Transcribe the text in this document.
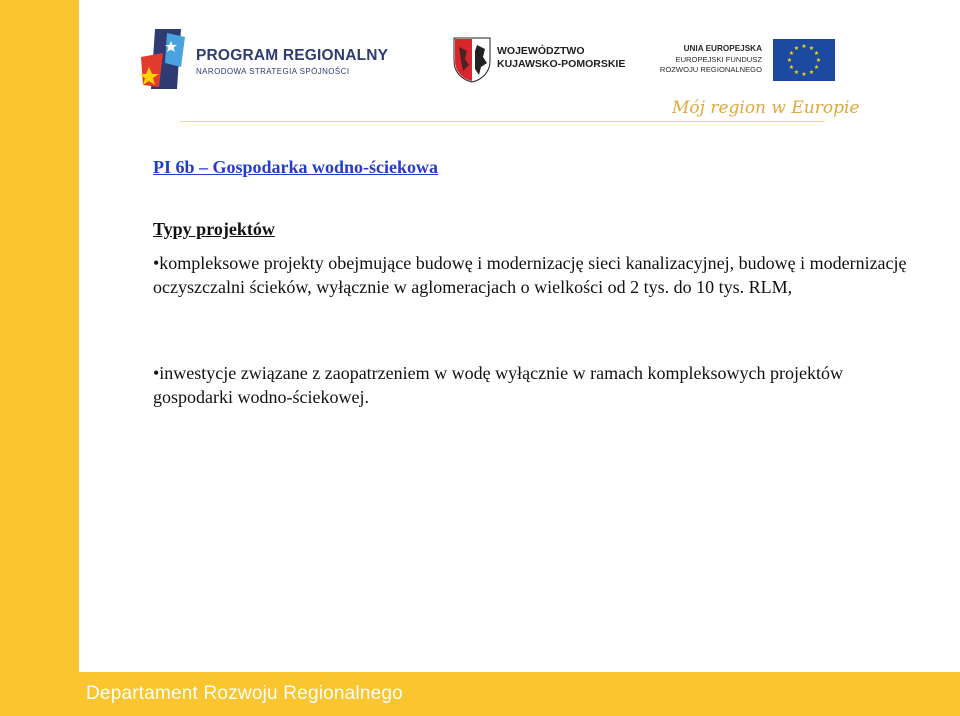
PROGRAM REGIONALNY
NARODOWA STRATEGIA SPÓJNOŚCI
WOJEWÓDZTWO
KUJAWSKO-POMORSKIE
UNIA EUROPEJSKA
EUROPEJSKI FUNDUSZ
ROZWOJU REGIONALNEGO
★ ★
★
★
★
★
★
★
★
★
★
★
Mój region w Europie
PI 6b – Gospodarka wodno-ściekowa
Typy projektów

•kompleksowe projekty obejmujące budowę i modernizację sieci kanalizacyjnej, budowę i modernizację oczyszczalni ścieków, wyłącznie w aglomeracjach o wielkości od 2 tys. do 10 tys. RLM,

•inwestycje związane z zaopatrzeniem w wodę wyłącznie w ramach kompleksowych projektów gospodarki wodno-ściekowej.

Departament Rozwoju Regionalnego
